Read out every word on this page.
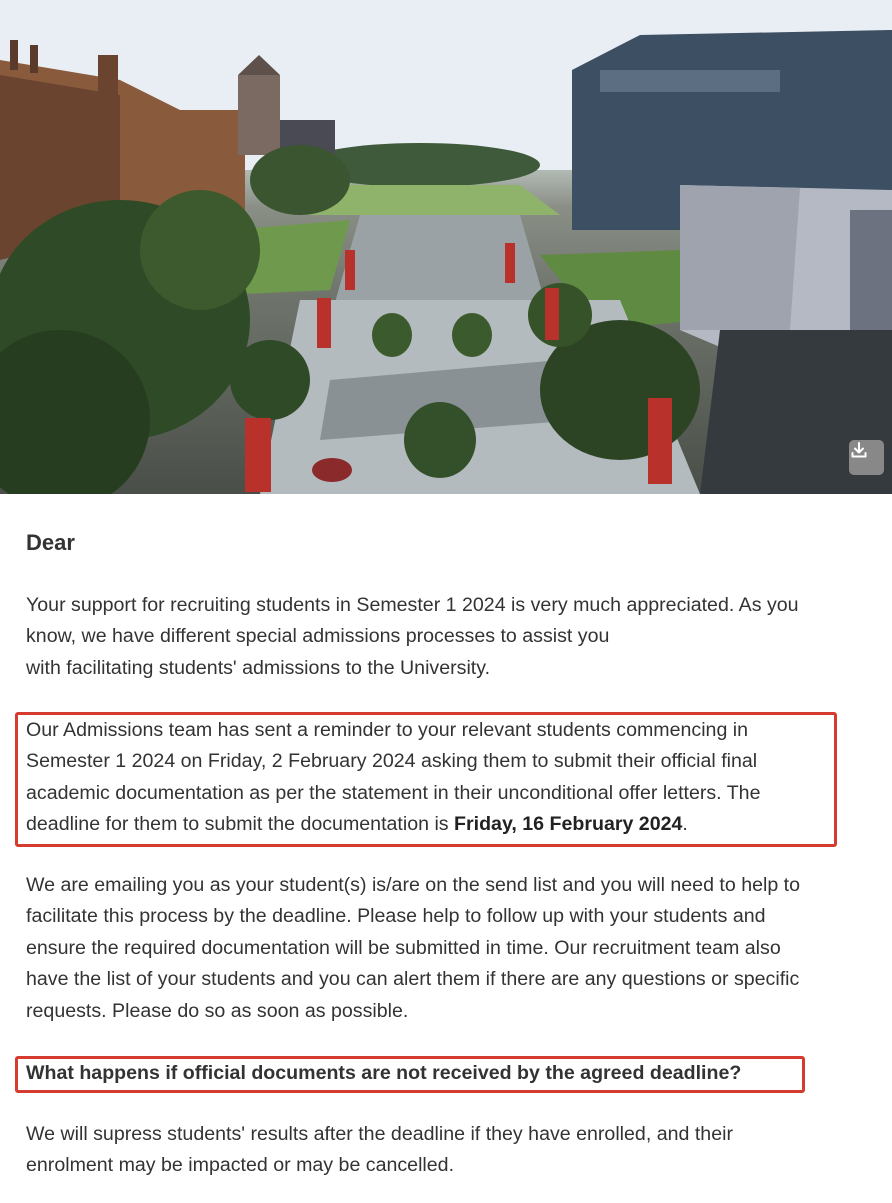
Dear
Your support for recruiting students in Semester 1 2024 is very much appreciated. As you
know, we have different special admissions processes to assist you
with facilitating students' admissions to the University.
Our Admissions team has sent a reminder to your relevant students commencing in
Semester 1 2024 on Friday, 2 February 2024 asking them to submit their official final
academic documentation as per the statement in their unconditional offer letters. The
deadline for them to submit the documentation is Friday, 16 February 2024.
We are emailing you as your student(s) is/are on the send list and you will need to help to
facilitate this process by the deadline. Please help to follow up with your students and
ensure the required documentation will be submitted in time. Our recruitment team also
have the list of your students and you can alert them if there are any questions or specific
requests. Please do so as soon as possible.
What happens if official documents are not received by the agreed deadline?
We will supress students' results after the deadline if they have enrolled, and their
enrolment may be impacted or may be cancelled.
